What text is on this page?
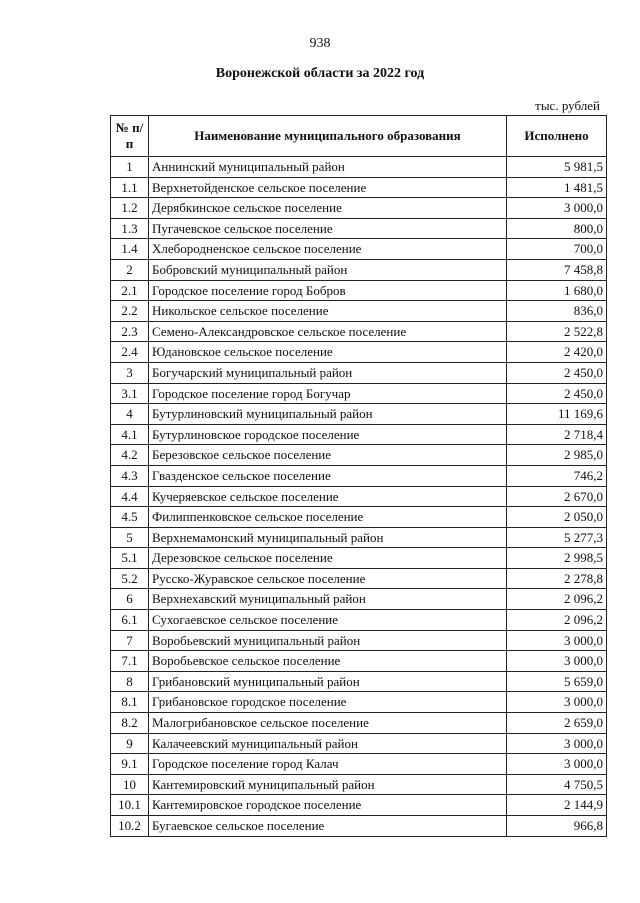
938
Воронежской области за 2022 год
тыс. рублей
№ п/п	Наименование муниципального образования	Исполнено
1	Аннинский муниципальный район	5 981,5
1.1	Верхнетойденское сельское поселение	1 481,5
1.2	Дерябкинское сельское поселение	3 000,0
1.3	Пугачевское сельское поселение	800,0
1.4	Хлебородненское сельское поселение	700,0
2	Бобровский муниципальный район	7 458,8
2.1	Городское поселение город Бобров	1 680,0
2.2	Никольское сельское поселение	836,0
2.3	Семено-Александровское сельское поселение	2 522,8
2.4	Юдановское сельское поселение	2 420,0
3	Богучарский муниципальный район	2 450,0
3.1	Городское поселение город Богучар	2 450,0
4	Бутурлиновский муниципальный район	11 169,6
4.1	Бутурлиновское городское поселение	2 718,4
4.2	Березовское сельское поселение	2 985,0
4.3	Гвазденское сельское поселение	746,2
4.4	Кучеряевское сельское поселение	2 670,0
4.5	Филиппенковское сельское поселение	2 050,0
5	Верхнемамонский муниципальный район	5 277,3
5.1	Дерезовское сельское поселение	2 998,5
5.2	Русско-Журавское сельское поселение	2 278,8
6	Верхнехавский муниципальный район	2 096,2
6.1	Сухогаевское сельское поселение	2 096,2
7	Воробьевский муниципальный район	3 000,0
7.1	Воробьевское сельское поселение	3 000,0
8	Грибановский муниципальный район	5 659,0
8.1	Грибановское городское поселение	3 000,0
8.2	Малогрибановское сельское поселение	2 659,0
9	Калачеевский муниципальный район	3 000,0
9.1	Городское поселение город Калач	3 000,0
10	Кантемировский муниципальный район	4 750,5
10.1	Кантемировское городское поселение	2 144,9
10.2	Бугаевское сельское поселение	966,8
